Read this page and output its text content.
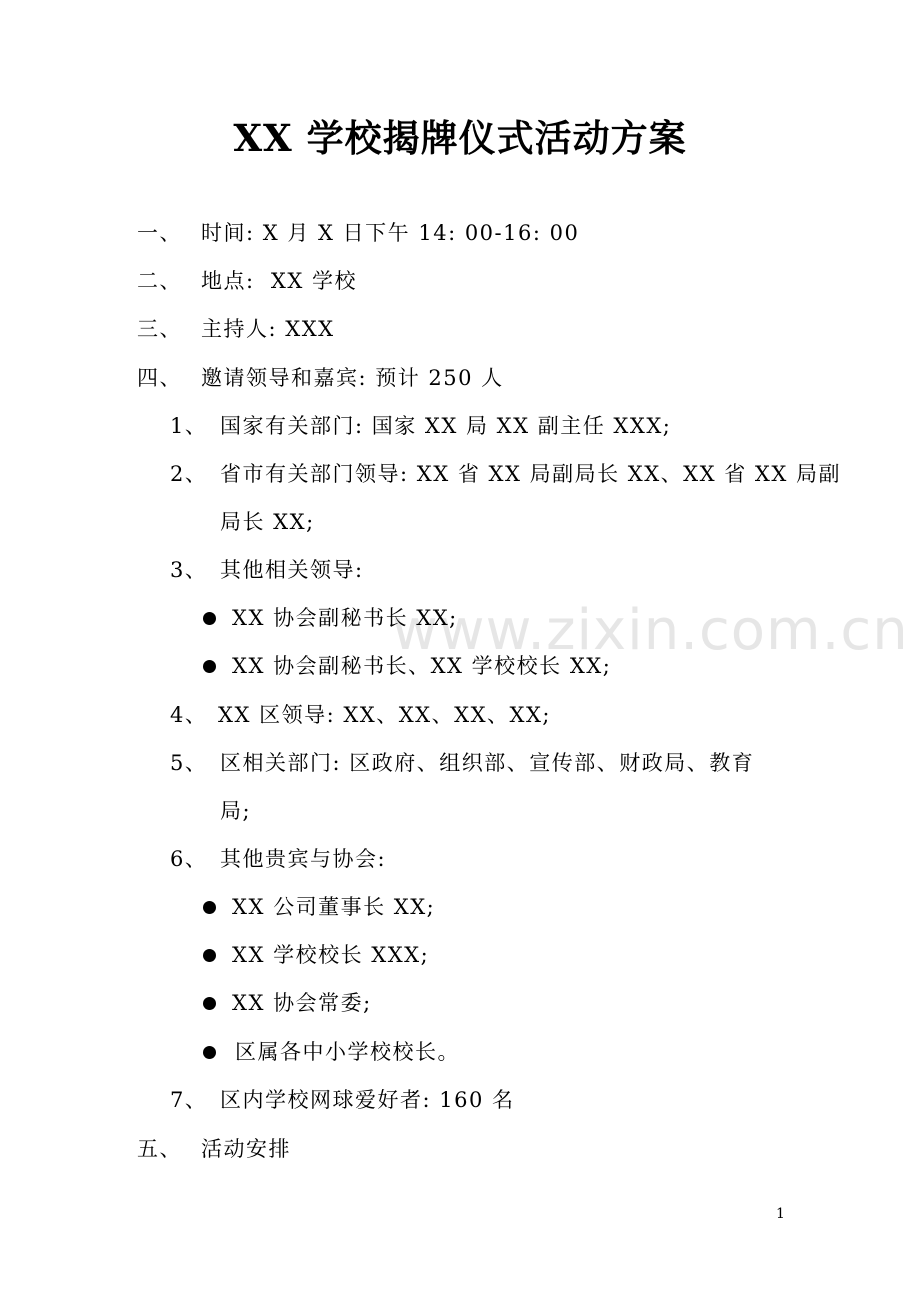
www.zixin.com.cn
XX 学校揭牌仪式活动方案
一、 时间: X 月 X 日下午 14: 00-16: 00
二、 地点:  XX 学校
三、 主持人: XXX
四、 邀请领导和嘉宾: 预计 250 人
1、 国家有关部门: 国家 XX 局 XX 副主任 XXX;
2、 省市有关部门领导: XX 省 XX 局副局长 XX、XX 省 XX 局副
局长 XX;
3、 其他相关领导:
XX 协会副秘书长 XX;
XX 协会副秘书长、XX 学校校长 XX;
4、 XX 区领导: XX、XX、XX、XX;
5、 区相关部门: 区政府、组织部、宣传部、财政局、教育
局;
6、 其他贵宾与协会:
XX 公司董事长 XX;
XX 学校校长 XXX;
XX 协会常委;
区属各中小学校校长。
7、 区内学校网球爱好者: 160 名
五、 活动安排
1
